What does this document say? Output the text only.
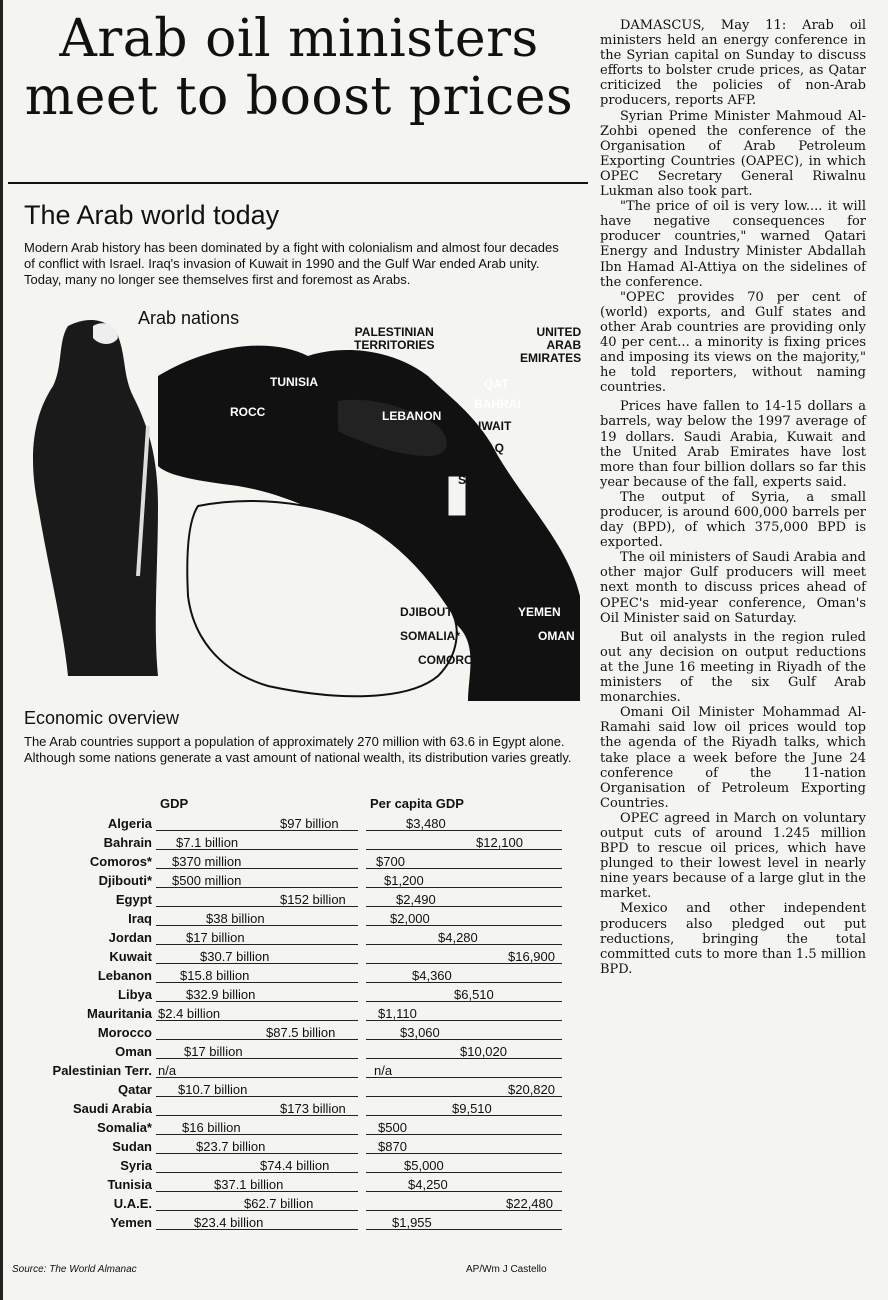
Arab oil ministers
meet to boost prices
The Arab world today
Modern Arab history has been dominated by a fight with colonialism and almost four decades of conflict with Israel. Iraq's invasion of Kuwait in 1990 and the Gulf War ended Arab unity. Today, many no longer see themselves first and foremost as Arabs.
Arab nations
PALESTINIAN
TERRITORIES
UNITED
ARAB
EMIRATES
TUNISIA
ROCC
JORDA	QAT
BAHRAI
LEBANON
KUWAIT
IRAQ
ALGERIA	LIBYA	EGYPT SYRIA
SAUDI
ARABIA
SUDAN
DJIBOUTI*	YEMEN
SOMALIA*	OMAN
COMOROS
Economic overview
The Arab countries support a population of approximately 270 million with 63.6 in Egypt alone. Although some nations generate a vast amount of national wealth, its distribution varies greatly.
GDP	Per capita GDP
Algeria	$97 billion	$3,480
Bahrain $7.1 billion	$12,100
Comoros* $370 million	$700
Djibouti* $500 million	$1,200
Egypt	$152 billion	$2,490
Iraq	$38 billion	$2,000
Jordan	$17 billion	$4,280
Kuwait	$30.7 billion	$16,900
Lebanon $15.8 billion	$4,360
Libya	$32.9 billion	$6,510
Mauritania $2.4 billion	$1,110
Morocco	$87.5 billion	$3,060
Oman $17 billion	$10,020
Palestinian Terr. n/a	n/a
Qatar $10.7 billion	$20,820
Saudi Arabia	$173 billion	$9,510
Somalia* $16 billion	$500
Sudan	$23.7 billion	$870
Syria	$74.4 billion	$5,000
Tunisia	$37.1 billion	$4,250
U.A.E.	$62.7 billion	$22,480
Yemen	$23.4 billion	$1,955
Source: The World Almanac	AP/Wm J Castello

DAMASCUS, May 11: Arab oil ministers held an energy conference in the Syrian capital on Sunday to discuss efforts to bolster crude prices, as Qatar criticized the policies of non-Arab producers, reports AFP.

Syrian Prime Minister Mahmoud Al-Zohbi opened the conference of the Organisation of Arab Petroleum Exporting Countries (OAPEC), in which OPEC Secretary General Riwalnu Lukman also took part.

"The price of oil is very low.... it will have negative consequences for producer countries," warned Qatari Energy and Industry Minister Abdallah Ibn Hamad Al-Attiya on the sidelines of the conference.

"OPEC provides 70 per cent of (world) exports, and Gulf states and other Arab countries are providing only 40 per cent... a minority is fixing prices and imposing its views on the majority," he told reporters, without naming countries.

Prices have fallen to 14-15 dollars a barrels, way below the 1997 average of 19 dollars. Saudi Arabia, Kuwait and the United Arab Emirates have lost more than four billion dollars so far this year because of the fall, experts said.

The output of Syria, a small producer, is around 600,000 barrels per day (BPD), of which 375,000 BPD is exported.

The oil ministers of Saudi Arabia and other major Gulf producers will meet next month to discuss prices ahead of OPEC's mid-year conference, Oman's Oil Minister said on Saturday.

But oil analysts in the region ruled out any decision on output reductions at the June 16 meeting in Riyadh of the ministers of the six Gulf Arab monarchies.

Omani Oil Minister Mohammad Al-Ramahi said low oil prices would top the agenda of the Riyadh talks, which take place a week before the June 24 conference of the 11-nation Organisation of Petroleum Exporting Countries.

OPEC agreed in March on voluntary output cuts of around 1.245 million BPD to rescue oil prices, which have plunged to their lowest level in nearly nine years because of a large glut in the market.

Mexico and other independent producers also pledged out put reductions, bringing the total committed cuts to more than 1.5 million BPD.
